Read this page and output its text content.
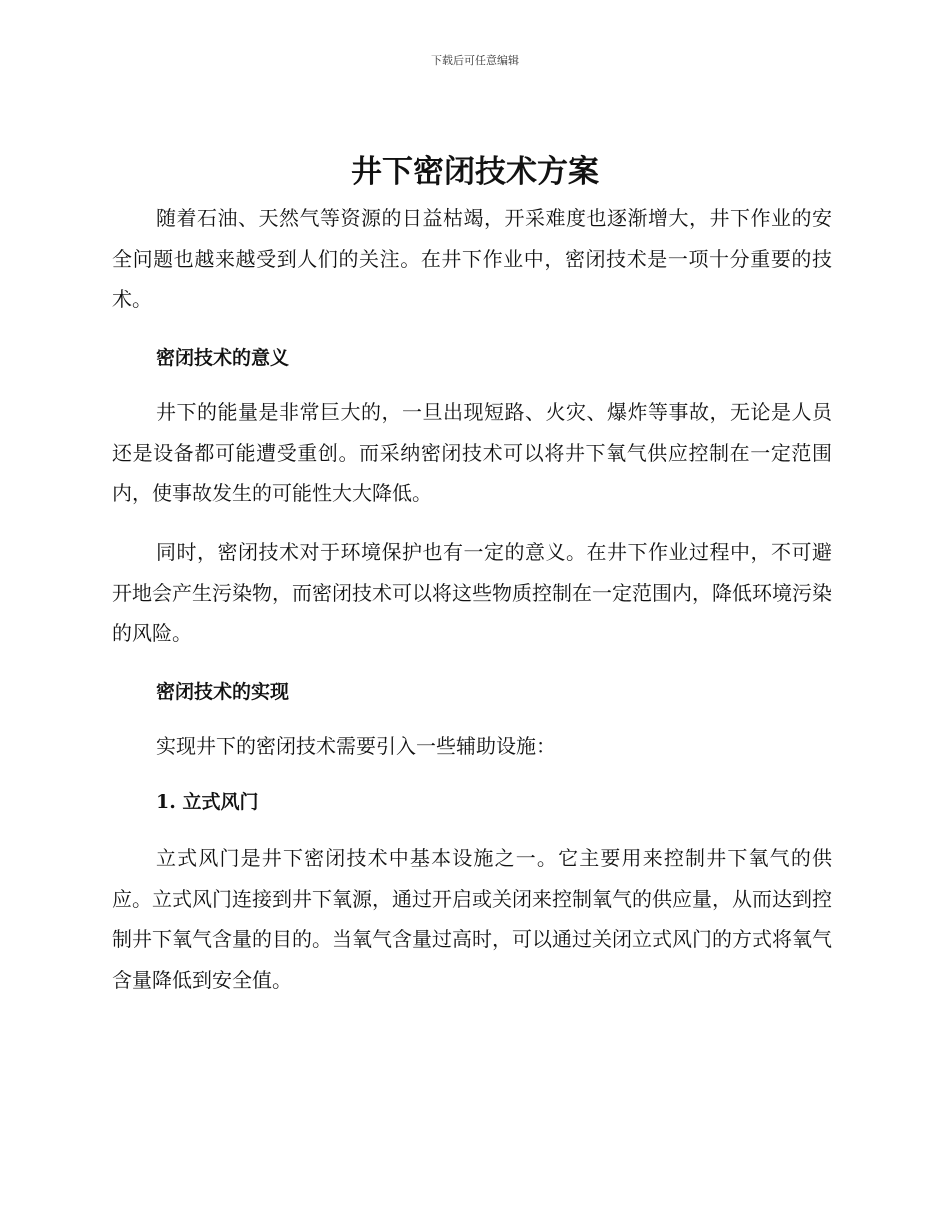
下载后可任意编辑
井下密闭技术方案

随着石油、天然气等资源的日益枯竭，开采难度也逐渐增大，井下作业的安全问题也越来越受到人们的关注。在井下作业中，密闭技术是一项十分重要的技术。

密闭技术的意义

井下的能量是非常巨大的，一旦出现短路、火灾、爆炸等事故，无论是人员还是设备都可能遭受重创。而采纳密闭技术可以将井下氧气供应控制在一定范围内，使事故发生的可能性大大降低。

同时，密闭技术对于环境保护也有一定的意义。在井下作业过程中，不可避开地会产生污染物，而密闭技术可以将这些物质控制在一定范围内，降低环境污染的风险。

密闭技术的实现

实现井下的密闭技术需要引入一些辅助设施：

1. 立式风门

立式风门是井下密闭技术中基本设施之一。它主要用来控制井下氧气的供应。立式风门连接到井下氧源，通过开启或关闭来控制氧气的供应量，从而达到控制井下氧气含量的目的。当氧气含量过高时，可以通过关闭立式风门的方式将氧气含量降低到安全值。
